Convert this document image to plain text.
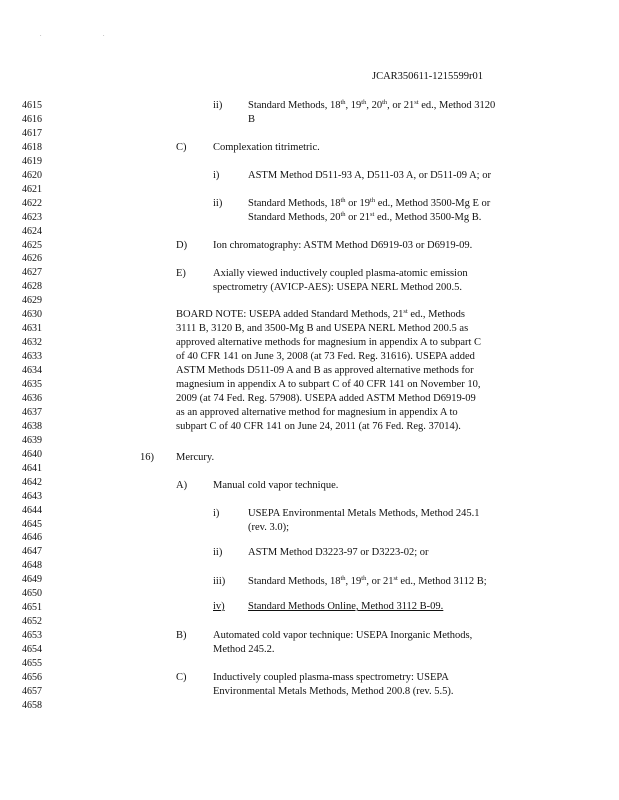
. .
JCAR350611-1215599r01
4615
4616
4617
4618
4619
4620
4621
4622
4623
4624
4625
4626
4627
4628
4629
4630
4631
4632
4633
4634
4635
4636
4637
4638
4639
4640
4641
4642
4643
4644
4645
4646
4647
4648
4649
4650
4651
4652
4653
4654
4655
4656
4657
4658
ii) Standard Methods, 18th, 19th, 20th, or 21st ed., Method 3120
B
C)	Complexation titrimetric.
i)	ASTM Method D511-93 A, D511-03 A, or D511-09 A; or
ii) Standard Methods, 18th or 19th ed., Method 3500-Mg E or
Standard Methods, 20th or 21st ed., Method 3500-Mg B.
D) Ion chromatography: ASTM Method D6919-03 or D6919-09.
E)	Axially viewed inductively coupled plasma-atomic emission
spectrometry (AVICP-AES): USEPA NERL Method 200.5.
BOARD NOTE: USEPA added Standard Methods, 21st ed., Methods
3111 B, 3120 B, and 3500-Mg B and USEPA NERL Method 200.5 as
approved alternative methods for magnesium in appendix A to subpart C
of 40 CFR 141 on June 3, 2008 (at 73 Fed. Reg. 31616). USEPA added
ASTM Methods D511-09 A and B as approved alternative methods for
magnesium in appendix A to subpart C of 40 CFR 141 on November 10,
2009 (at 74 Fed. Reg. 57908). USEPA added ASTM Method D6919-09
as an approved alternative method for magnesium in appendix A to
subpart C of 40 CFR 141 on June 24, 2011 (at 76 Fed. Reg. 37014).
16) Mercury.
A) Manual cold vapor technique.
i)	USEPA Environmental Metals Methods, Method 245.1
(rev. 3.0);
ii) ASTM Method D3223-97 or D3223-02; or
iii) Standard Methods, 18th, 19th, or 21st ed., Method 3112 B;
iv) Standard Methods Online, Method 3112 B-09.
B)	Automated cold vapor technique: USEPA Inorganic Methods,
Method 245.2.
C)	Inductively coupled plasma-mass spectrometry: USEPA
Environmental Metals Methods, Method 200.8 (rev. 5.5).
